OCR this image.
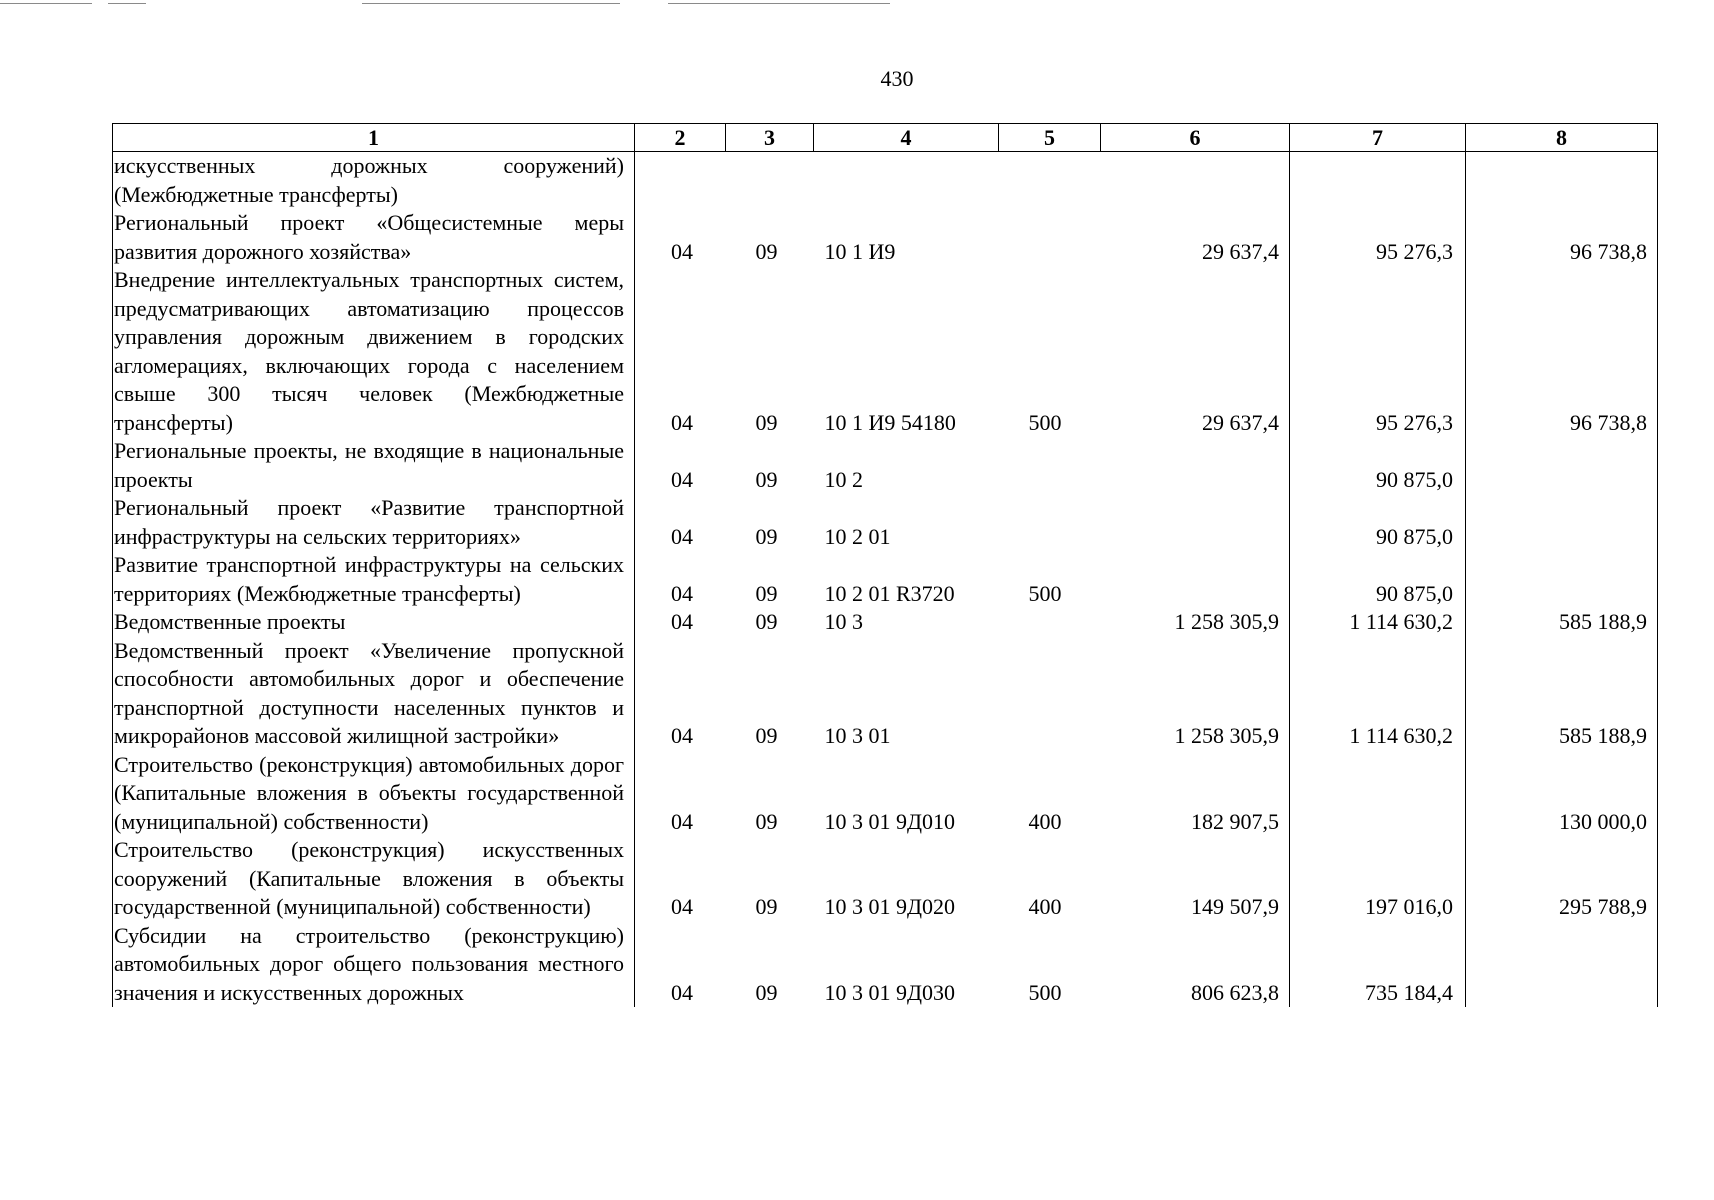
430
1	2	3	4	5	6	7	8

искусственных дорожных сооружений) (Межбюджетные трансферты)							

Региональный проект «Общесистемные меры развития дорожного хозяйства»	04	09	10 1 И9		29 637,4	95 276,3	96 738,8

Внедрение интеллектуальных транспортных систем, предусматривающих автоматизацию процессов управления дорожным движением в городских агломерациях, включающих города с населением свыше 300 тысяч человек (Межбюджетные трансферты)	04	09	10 1 И9 54180	500	29 637,4	95 276,3	96 738,8

Региональные проекты, не входящие в национальные проекты	04	09	10 2			90 875,0	

Региональный проект «Развитие транспортной инфраструктуры на сельских территориях»	04	09	10 2 01			90 875,0	

Развитие транспортной инфраструктуры на сельских территориях (Межбюджетные трансферты)	04	09	10 2 01 R3720	500		90 875,0	

Ведомственные проекты	04	09	10 3		1 258 305,9	1 114 630,2	585 188,9

Ведомственный проект «Увеличение пропускной способности автомобильных дорог и обеспечение транспортной доступности населенных пунктов и микрорайонов массовой жилищной застройки»	04	09	10 3 01		1 258 305,9	1 114 630,2	585 188,9

Строительство (реконструкция) автомобильных дорог (Капитальные вложения в объекты государственной (муниципальной) собственности)	04	09	10 3 01 9Д010	400	182 907,5		130 000,0

Строительство (реконструкция) искусственных сооружений (Капитальные вложения в объекты государственной (муниципальной) собственности)	04	09	10 3 01 9Д020	400	149 507,9	197 016,0	295 788,9

Субсидии на строительство (реконструкцию) автомобильных дорог общего пользования местного значения и искусственных дорожных	04	09	10 3 01 9Д030	500	806 623,8	735 184,4	
